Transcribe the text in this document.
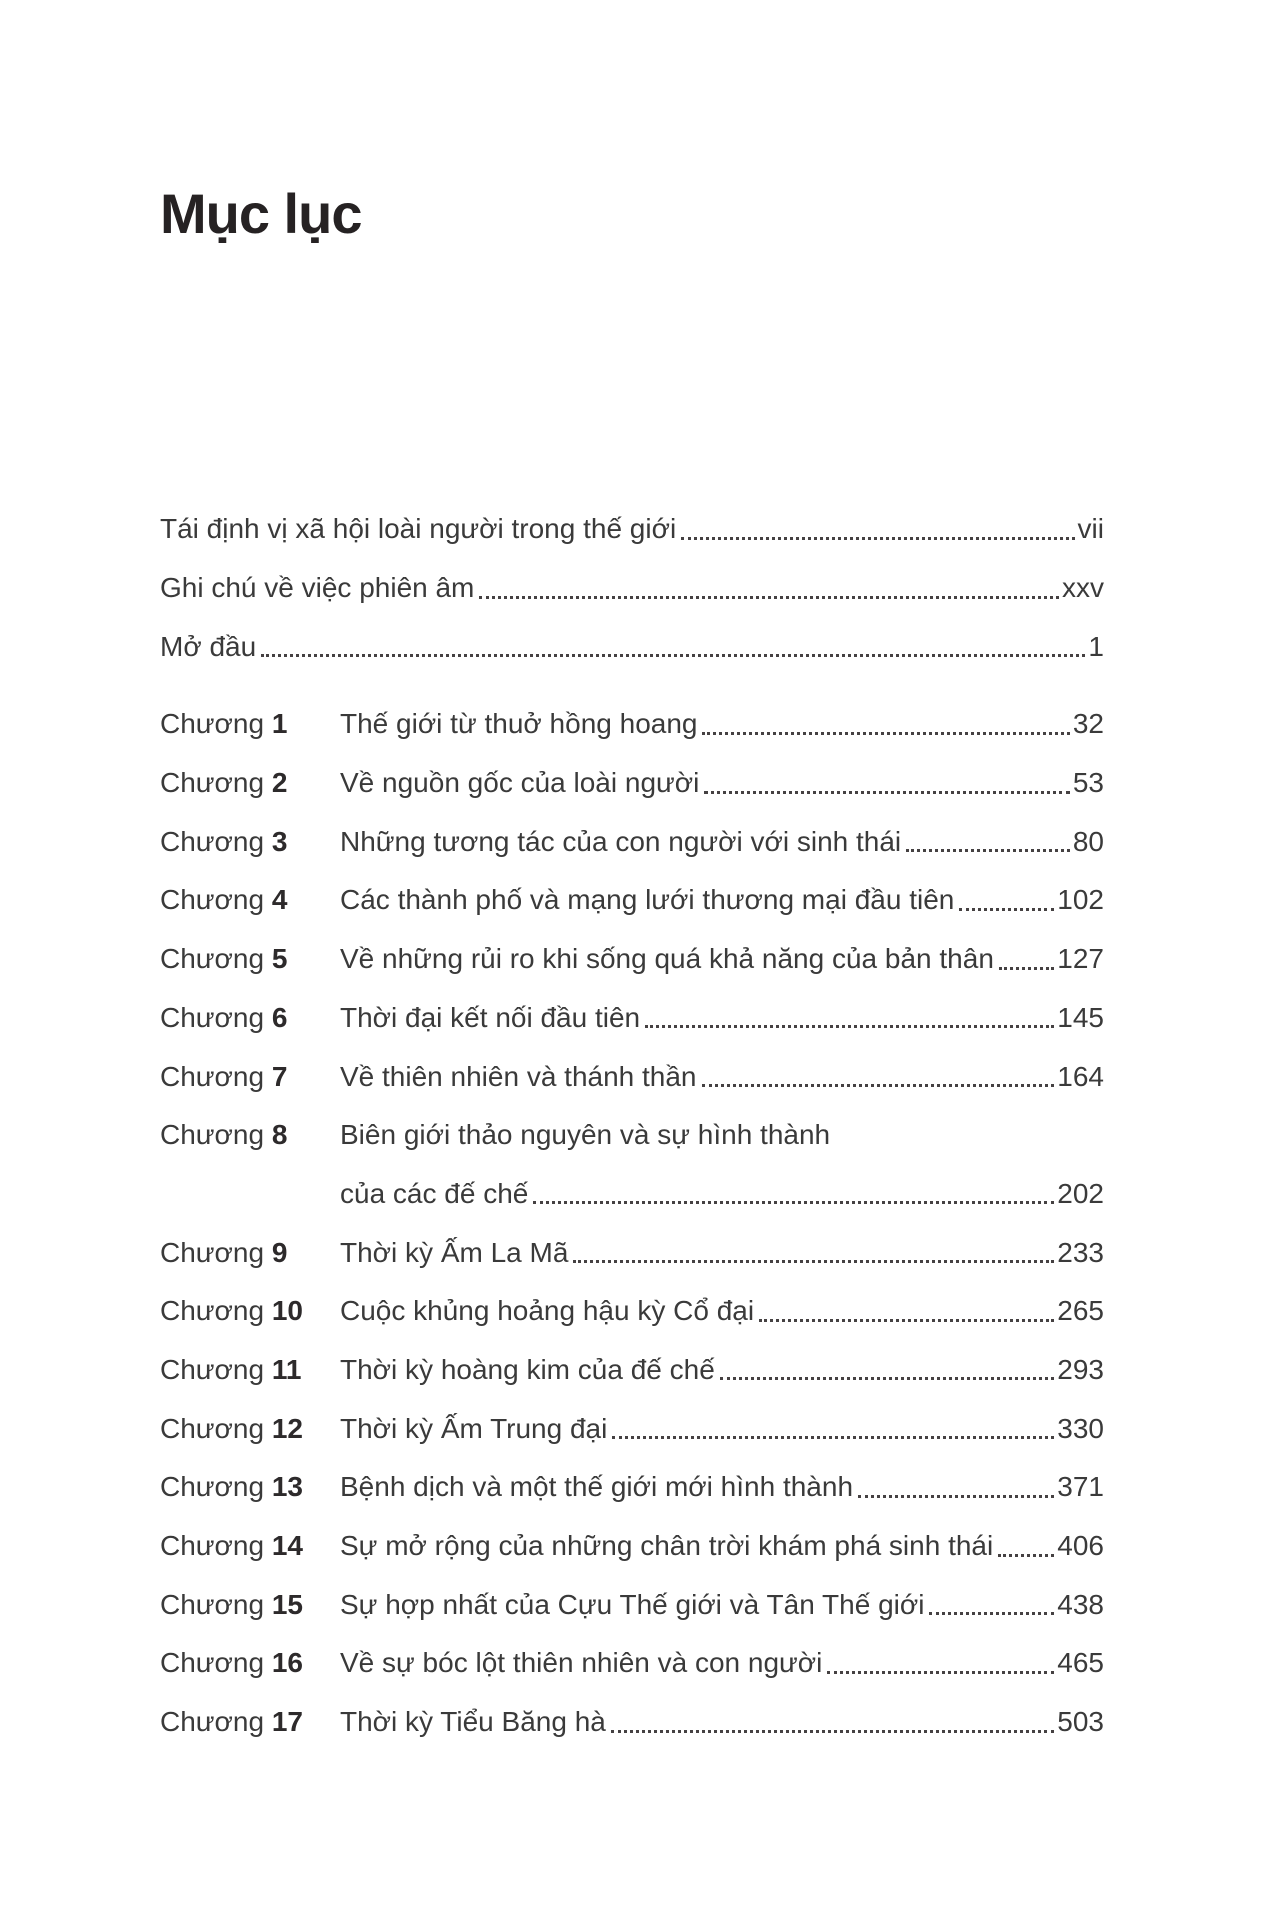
Mục lục
Tái định vị xã hội loài người trong thế giới	vii
Ghi chú về việc phiên âm	xxv
Mở đầu	1
Chương 1	Thế giới từ thuở hồng hoang	32
Chương 2	Về nguồn gốc của loài người	53
Chương 3	Những tương tác của con người với sinh thái	80
Chương 4	Các thành phố và mạng lưới thương mại đầu tiên	102
Chương 5	Về những rủi ro khi sống quá khả năng của bản thân 127
Chương 6	Thời đại kết nối đầu tiên	145
Chương 7	Về thiên nhiên và thánh thần	164
Chương 8	Biên giới thảo nguyên và sự hình thành
của các đế chế	202
Chương 9	Thời kỳ Ấm La Mã	233
Chương 10	Cuộc khủng hoảng hậu kỳ Cổ đại	265
Chương 11	Thời kỳ hoàng kim của đế chế	293
Chương 12	Thời kỳ Ấm Trung đại	330
Chương 13	Bệnh dịch và một thế giới mới hình thành	371
Chương 14	Sự mở rộng của những chân trời khám phá sinh thái 406
Chương 15	Sự hợp nhất của Cựu Thế giới và Tân Thế giới	438
Chương 16	Về sự bóc lột thiên nhiên và con người	465
Chương 17	Thời kỳ Tiểu Băng hà	503
